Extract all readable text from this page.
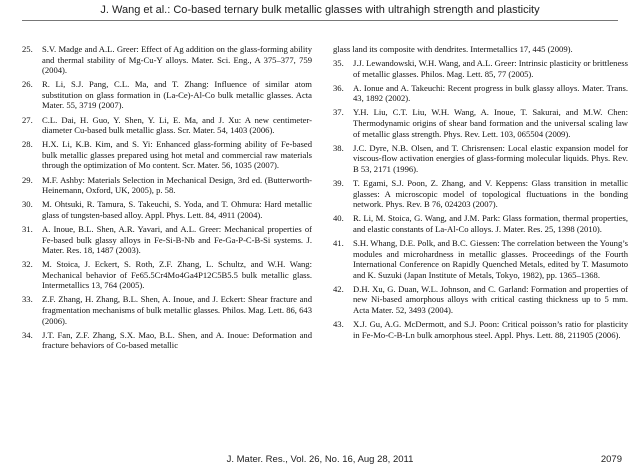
J. Wang et al.: Co-based ternary bulk metallic glasses with ultrahigh strength and plasticity

25. S.V. Madge and A.L. Greer: Effect of Ag addition on the glass-forming ability and thermal stability of Mg-Cu-Y alloys. Mater. Sci. Eng., A 375–377, 759 (2004).

26. R. Li, S.J. Pang, C.L. Ma, and T. Zhang: Influence of similar atom substitution on glass formation in (La-Ce)-Al-Co bulk metallic glasses. Acta Mater. 55, 3719 (2007).

27. C.L. Dai, H. Guo, Y. Shen, Y. Li, E. Ma, and J. Xu: A new centimeter-diameter Cu-based bulk metallic glass. Scr. Mater. 54, 1403 (2006).

28. H.X. Li, K.B. Kim, and S. Yi: Enhanced glass-forming ability of Fe-based bulk metallic glasses prepared using hot metal and commercial raw materials through the optimization of Mo content. Scr. Mater. 56, 1035 (2007).

29. M.F. Ashby: Materials Selection in Mechanical Design, 3rd ed. (Butterworth-Heinemann, Oxford, UK, 2005), p. 58.

30. M. Ohtsuki, R. Tamura, S. Takeuchi, S. Yoda, and T. Ohmura: Hard metallic glass of tungsten-based alloy. Appl. Phys. Lett. 84, 4911 (2004).

31. A. Inoue, B.L. Shen, A.R. Yavari, and A.L. Greer: Mechanical properties of Fe-based bulk glassy alloys in Fe-Si-B-Nb and Fe-Ga-P-C-B-Si systems. J. Mater. Res. 18, 1487 (2003).

32. M. Stoica, J. Eckert, S. Roth, Z.F. Zhang, L. Schultz, and W.H. Wang: Mechanical behavior of Fe65.5Cr4Mo4Ga4P12C5B5.5 bulk metallic glass. Intermetallics 13, 764 (2005).

33. Z.F. Zhang, H. Zhang, B.L. Shen, A. Inoue, and J. Eckert: Shear fracture and fragmentation mechanisms of bulk metallic glasses. Philos. Mag. Lett. 86, 643 (2006).

34. J.T. Fan, Z.F. Zhang, S.X. Mao, B.L. Shen, and A. Inoue: Deformation and fracture behaviors of Co-based metallic

glass land its composite with dendrites. Intermetallics 17, 445 (2009).

35. J.J. Lewandowski, W.H. Wang, and A.L. Greer: Intrinsic plasticity or brittleness of metallic glasses. Philos. Mag. Lett. 85, 77 (2005).

36. A. Ionue and A. Takeuchi: Recent progress in bulk glassy alloys. Mater. Trans. 43, 1892 (2002).

37. Y.H. Liu, C.T. Liu, W.H. Wang, A. Inoue, T. Sakurai, and M.W. Chen: Thermodynamic origins of shear band formation and the universal scaling law of metallic glass strength. Phys. Rev. Lett. 103, 065504 (2009).

38. J.C. Dyre, N.B. Olsen, and T. Chrisrensen: Local elastic expansion model for viscous-flow activation energies of glass-forming molecular liquids. Phys. Rev. B 53, 2171 (1996).

39. T. Egami, S.J. Poon, Z. Zhang, and V. Keppens: Glass transition in metallic glasses: A microscopic model of topological fluctuations in the bonding network. Phys. Rev. B 76, 024203 (2007).

40. R. Li, M. Stoica, G. Wang, and J.M. Park: Glass formation, thermal properties, and elastic constants of La-Al-Co alloys. J. Mater. Res. 25, 1398 (2010).

41. S.H. Whang, D.E. Polk, and B.C. Giessen: The correlation between the Young’s modules and microhardness in metallic glasses. Proceedings of the Fourth International Conference on Rapidly Quenched Metals, edited by T. Masumoto and K. Suzuki (Japan Institute of Metals, Tokyo, 1982), pp. 1365–1368.

42. D.H. Xu, G. Duan, W.L. Johnson, and C. Garland: Formation and properties of new Ni-based amorphous alloys with critical casting thickness up to 5 mm. Acta Mater. 52, 3493 (2004).

43. X.J. Gu, A.G. McDermott, and S.J. Poon: Critical poisson’s ratio for plasticity in Fe-Mo-C-B-Ln bulk amorphous steel. Appl. Phys. Lett. 88, 211905 (2006).

J. Mater. Res., Vol. 26, No. 16, Aug 28, 2011	2079
